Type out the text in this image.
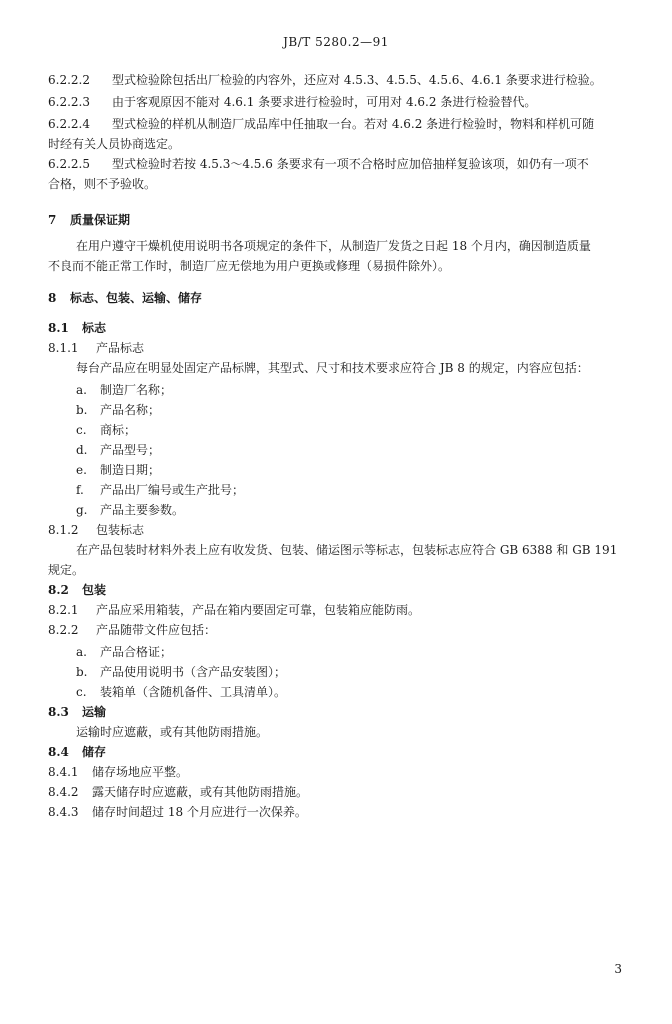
JB/T 5280.2—91
6.2.2.2 型式检验除包括出厂检验的内容外，还应对 4.5.3、4.5.5、4.5.6、4.6.1 条要求进行检验。
6.2.2.3 由于客观原因不能对 4.6.1 条要求进行检验时，可用对 4.6.2 条进行检验替代。
6.2.2.4 型式检验的样机从制造厂成品库中任抽取一台。若对 4.6.2 条进行检验时，物料和样机可随
时经有关人员协商选定。
6.2.2.5 型式检验时若按 4.5.3～4.5.6 条要求有一项不合格时应加倍抽样复验该项，如仍有一项不
合格，则不予验收。
7 质量保证期
在用户遵守干燥机使用说明书各项规定的条件下，从制造厂发货之日起 18 个月内，确因制造质量
不良而不能正常工作时，制造厂应无偿地为用户更换或修理（易损件除外）。
8 标志、包装、运输、储存
8.1 标志
8.1.1 产品标志
每台产品应在明显处固定产品标牌，其型式、尺寸和技术要求应符合 JB 8 的规定，内容应包括：
a. 制造厂名称；
b. 产品名称；
c. 商标；
d. 产品型号；
e. 制造日期；
f. 产品出厂编号或生产批号；
g. 产品主要参数。
8.1.2 包装标志
在产品包装时材料外表上应有收发货、包装、储运图示等标志，包装标志应符合 GB 6388 和 GB 191
规定。
8.2 包装
8.2.1 产品应采用箱装，产品在箱内要固定可靠，包装箱应能防雨。
8.2.2 产品随带文件应包括：
a. 产品合格证；
b. 产品使用说明书（含产品安装图）；
c. 装箱单（含随机备件、工具清单）。
8.3 运输
运输时应遮蔽，或有其他防雨措施。
8.4 储存
8.4.1 储存场地应平整。
8.4.2 露天储存时应遮蔽，或有其他防雨措施。
8.4.3 储存时间超过 18 个月应进行一次保养。
3
